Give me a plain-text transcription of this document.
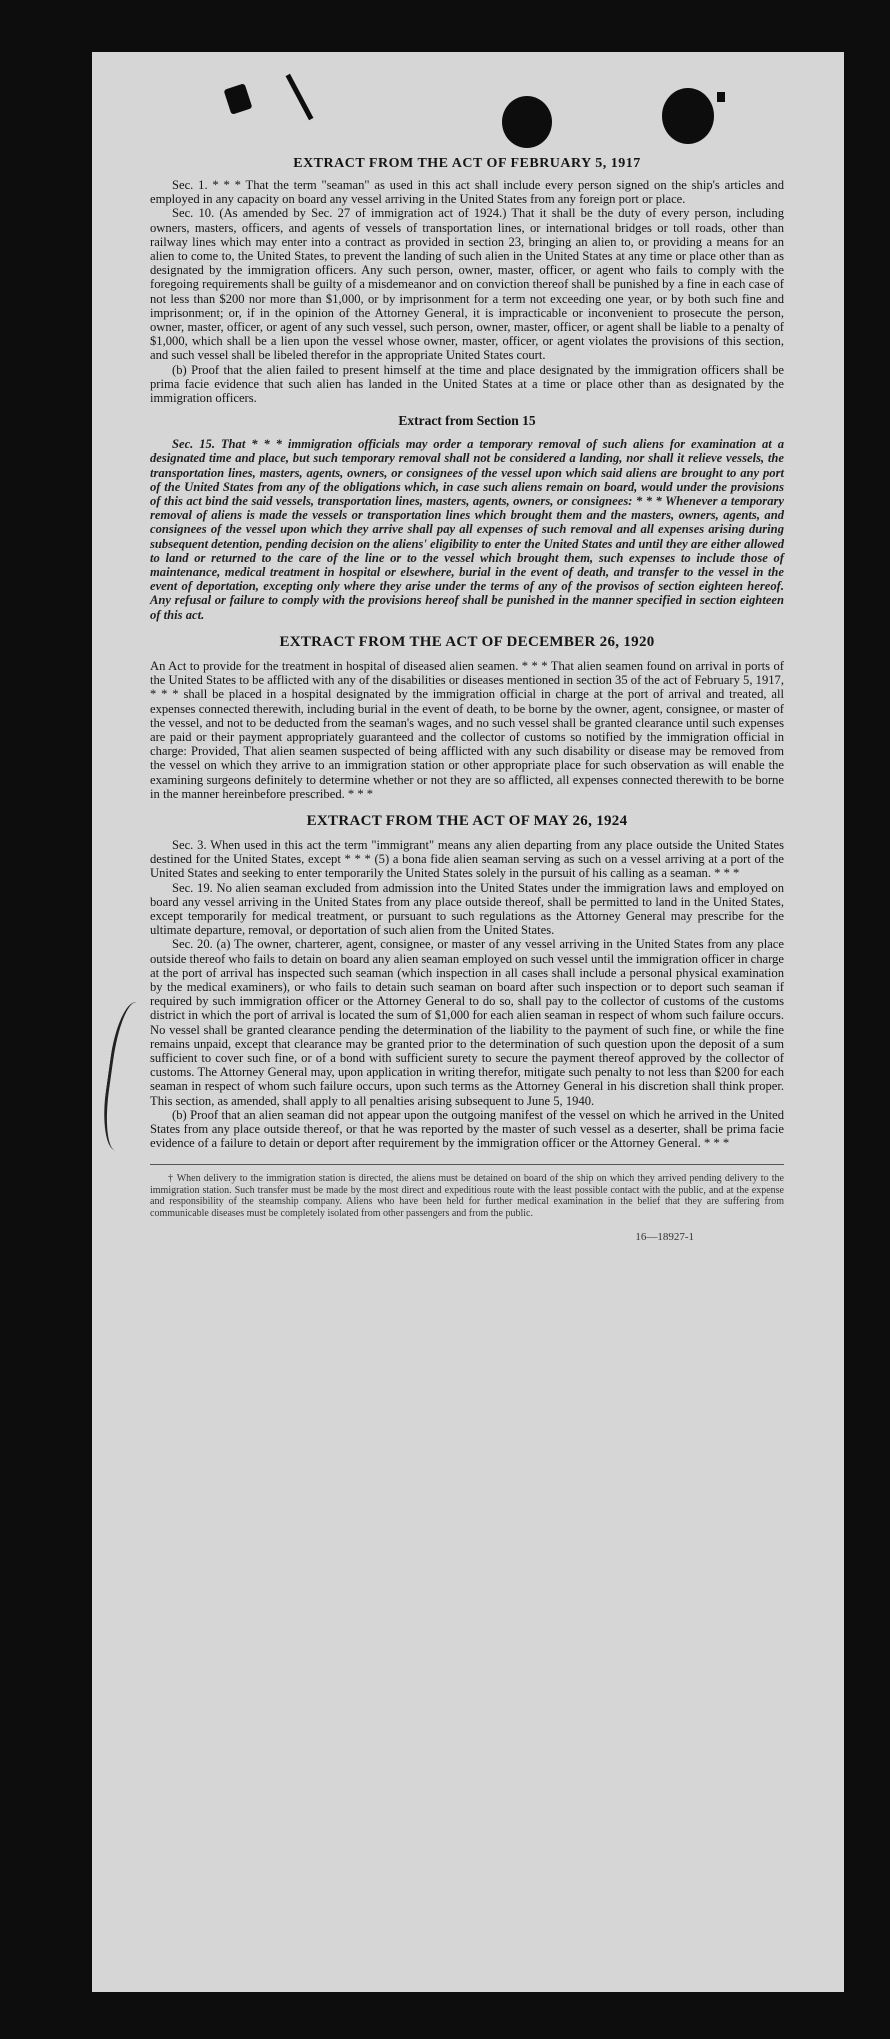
EXTRACT FROM THE ACT OF FEBRUARY 5, 1917

Sec. 1. * * * That the term "seaman" as used in this act shall include every person signed on the ship's articles and employed in any capacity on board any vessel arriving in the United States from any foreign port or place.

Sec. 10. (As amended by Sec. 27 of immigration act of 1924.) That it shall be the duty of every person, including owners, masters, officers, and agents of vessels of transportation lines, or international bridges or toll roads, other than railway lines which may enter into a contract as provided in section 23, bringing an alien to, or providing a means for an alien to come to, the United States, to prevent the landing of such alien in the United States at any time or place other than as designated by the immigration officers. Any such person, owner, master, officer, or agent who fails to comply with the foregoing requirements shall be guilty of a misdemeanor and on conviction thereof shall be punished by a fine in each case of not less than $200 nor more than $1,000, or by imprisonment for a term not exceeding one year, or by both such fine and imprisonment; or, if in the opinion of the Attorney General, it is impracticable or inconvenient to prosecute the person, owner, master, officer, or agent of any such vessel, such person, owner, master, officer, or agent shall be liable to a penalty of $1,000, which shall be a lien upon the vessel whose owner, master, officer, or agent violates the provisions of this section, and such vessel shall be libeled therefor in the appropriate United States court.

(b) Proof that the alien failed to present himself at the time and place designated by the immigration officers shall be prima facie evidence that such alien has landed in the United States at a time or place other than as designated by the immigration officers.

Extract from Section 15

Sec. 15. That * * * immigration officials may order a temporary removal of such aliens for examination at a designated time and place, but such temporary removal shall not be considered a landing, nor shall it relieve vessels, the transportation lines, masters, agents, owners, or consignees of the vessel upon which said aliens are brought to any port of the United States from any of the obligations which, in case such aliens remain on board, would under the provisions of this act bind the said vessels, transportation lines, masters, agents, owners, or consignees: * * * Whenever a temporary removal of aliens is made the vessels or transportation lines which brought them and the masters, owners, agents, and consignees of the vessel upon which they arrive shall pay all expenses of such removal and all expenses arising during subsequent detention, pending decision on the aliens' eligibility to enter the United States and until they are either allowed to land or returned to the care of the line or to the vessel which brought them, such expenses to include those of maintenance, medical treatment in hospital or elsewhere, burial in the event of death, and transfer to the vessel in the event of deportation, excepting only where they arise under the terms of any of the provisos of section eighteen hereof. Any refusal or failure to comply with the provisions hereof shall be punished in the manner specified in section eighteen of this act.

EXTRACT FROM THE ACT OF DECEMBER 26, 1920

An Act to provide for the treatment in hospital of diseased alien seamen. * * * That alien seamen found on arrival in ports of the United States to be afflicted with any of the disabilities or diseases mentioned in section 35 of the act of February 5, 1917, * * * shall be placed in a hospital designated by the immigration official in charge at the port of arrival and treated, all expenses connected therewith, including burial in the event of death, to be borne by the owner, agent, consignee, or master of the vessel, and not to be deducted from the seaman's wages, and no such vessel shall be granted clearance until such expenses are paid or their payment appropriately guaranteed and the collector of customs so notified by the immigration official in charge: Provided, That alien seamen suspected of being afflicted with any such disability or disease may be removed from the vessel on which they arrive to an immigration station or other appropriate place for such observation as will enable the examining surgeons definitely to determine whether or not they are so afflicted, all expenses connected therewith to be borne in the manner hereinbefore prescribed. * * *

EXTRACT FROM THE ACT OF MAY 26, 1924

Sec. 3. When used in this act the term "immigrant" means any alien departing from any place outside the United States destined for the United States, except * * * (5) a bona fide alien seaman serving as such on a vessel arriving at a port of the United States and seeking to enter temporarily the United States solely in the pursuit of his calling as a seaman. * * *

Sec. 19. No alien seaman excluded from admission into the United States under the immigration laws and employed on board any vessel arriving in the United States from any place outside thereof, shall be permitted to land in the United States, except temporarily for medical treatment, or pursuant to such regulations as the Attorney General may prescribe for the ultimate departure, removal, or deportation of such alien from the United States.

Sec. 20. (a) The owner, charterer, agent, consignee, or master of any vessel arriving in the United States from any place outside thereof who fails to detain on board any alien seaman employed on such vessel until the immigration officer in charge at the port of arrival has inspected such seaman (which inspection in all cases shall include a personal physical examination by the medical examiners), or who fails to detain such seaman on board after such inspection or to deport such seaman if required by such immigration officer or the Attorney General to do so, shall pay to the collector of customs of the customs district in which the port of arrival is located the sum of $1,000 for each alien seaman in respect of whom such failure occurs. No vessel shall be granted clearance pending the determination of the liability to the payment of such fine, or while the fine remains unpaid, except that clearance may be granted prior to the determination of such question upon the deposit of a sum sufficient to cover such fine, or of a bond with sufficient surety to secure the payment thereof approved by the collector of customs. The Attorney General may, upon application in writing therefor, mitigate such penalty to not less than $200 for each seaman in respect of whom such failure occurs, upon such terms as the Attorney General in his discretion shall think proper. This section, as amended, shall apply to all penalties arising subsequent to June 5, 1940.

(b) Proof that an alien seaman did not appear upon the outgoing manifest of the vessel on which he arrived in the United States from any place outside thereof, or that he was reported by the master of such vessel as a deserter, shall be prima facie evidence of a failure to detain or deport after requirement by the immigration officer or the Attorney General. * * *

† When delivery to the immigration station is directed, the aliens must be detained on board of the ship on which they arrived pending delivery to the immigration station. Such transfer must be made by the most direct and expeditious route with the least possible contact with the public, and at the expense and responsibility of the steamship company. Aliens who have been held for further medical examination in the belief that they are suffering from communicable diseases must be completely isolated from other passengers and from the public.
16—18927-1
